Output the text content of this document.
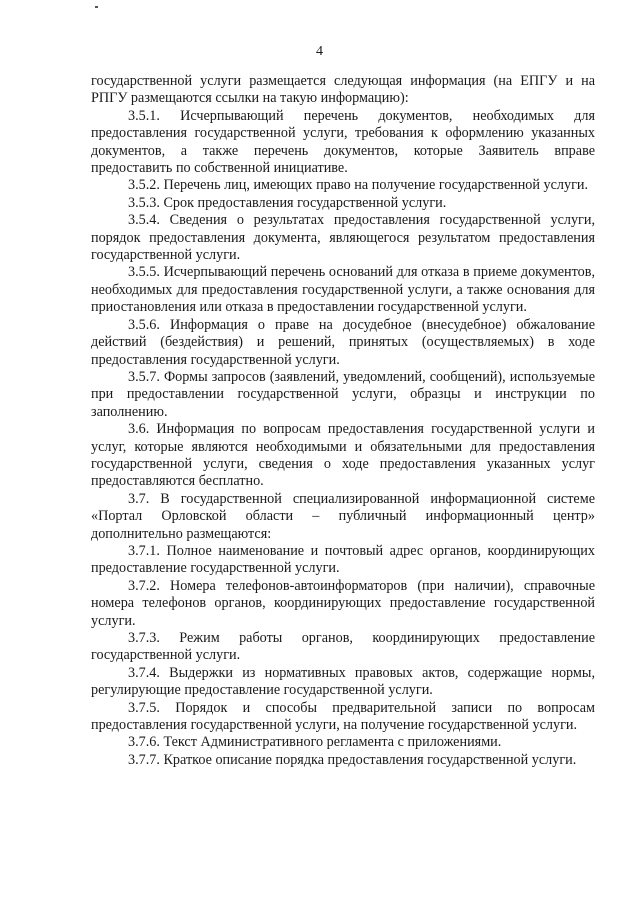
4

государственной услуги размещается следующая информация (на ЕПГУ и на РПГУ размещаются ссылки на такую информацию):

3.5.1. Исчерпывающий перечень документов, необходимых для предоставления государственной услуги, требования к оформлению указанных документов, а также перечень документов, которые Заявитель вправе предоставить по собственной инициативе.

3.5.2. Перечень лиц, имеющих право на получение государственной услуги.

3.5.3. Срок предоставления государственной услуги.

3.5.4. Сведения о результатах предоставления государственной услуги, порядок предоставления документа, являющегося результатом предоставления государственной услуги.

3.5.5. Исчерпывающий перечень оснований для отказа в приеме документов, необходимых для предоставления государственной услуги, а также основания для приостановления или отказа в предоставлении государственной услуги.

3.5.6. Информация о праве на досудебное (внесудебное) обжалование действий (бездействия) и решений, принятых (осуществляемых) в ходе предоставления государственной услуги.

3.5.7. Формы запросов (заявлений, уведомлений, сообщений), используемые при предоставлении государственной услуги, образцы и инструкции по заполнению.

3.6. Информация по вопросам предоставления государственной услуги и услуг, которые являются необходимыми и обязательными для предоставления государственной услуги, сведения о ходе предоставления указанных услуг предоставляются бесплатно.

3.7. В государственной специализированной информационной системе «Портал Орловской области – публичный информационный центр» дополнительно размещаются:

3.7.1. Полное наименование и почтовый адрес органов, координирующих предоставление государственной услуги.

3.7.2. Номера телефонов-автоинформаторов (при наличии), справочные номера телефонов органов, координирующих предоставление государственной услуги.

3.7.3. Режим работы органов, координирующих предоставление государственной услуги.

3.7.4. Выдержки из нормативных правовых актов, содержащие нормы, регулирующие предоставление государственной услуги.

3.7.5. Порядок и способы предварительной записи по вопросам предоставления государственной услуги, на получение государственной услуги.

3.7.6. Текст Административного регламента с приложениями.

3.7.7. Краткое описание порядка предоставления государственной услуги.
